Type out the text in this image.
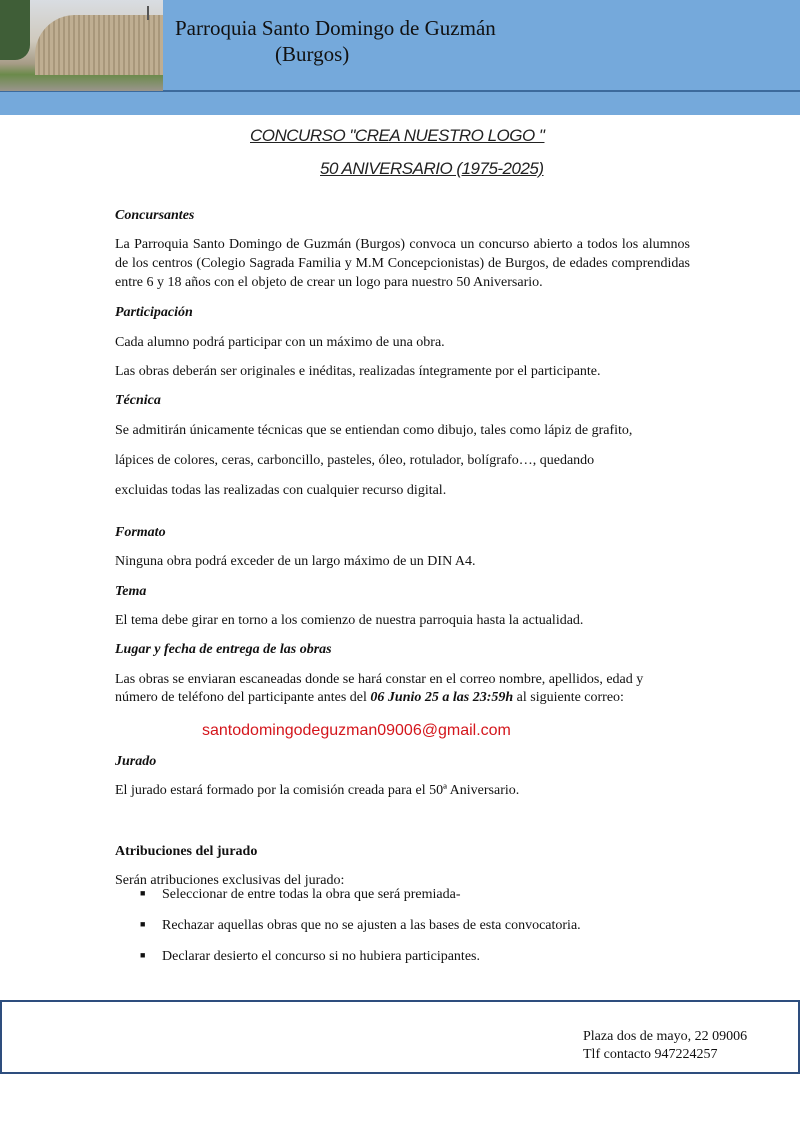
Parroquia Santo Domingo de Guzmán
(Burgos)
CONCURSO "CREA NUESTRO LOGO "
50 ANIVERSARIO (1975-2025)
Concursantes
La Parroquia Santo Domingo de Guzmán (Burgos) convoca un concurso abierto a todos los alumnos de los centros (Colegio Sagrada Familia y M.M Concepcionistas) de Burgos, de edades comprendidas entre 6 y 18 años con el objeto de crear un logo para nuestro 50 Aniversario.
Participación
Cada alumno podrá participar con un máximo de una obra.
Las obras deberán ser originales e inéditas, realizadas íntegramente por el participante.
Técnica
Se admitirán únicamente técnicas que se entiendan como dibujo, tales como lápiz de grafito,
lápices de colores, ceras, carboncillo, pasteles, óleo, rotulador, bolígrafo…, quedando
excluidas todas las realizadas con cualquier recurso digital.
Formato
Ninguna obra podrá exceder de un largo máximo de un DIN A4.
Tema
El tema debe girar en torno a los comienzo de nuestra parroquia hasta la actualidad.
Lugar y fecha de entrega de las obras
Las obras se enviaran escaneadas donde se hará constar en el correo nombre, apellidos, edad y
número de teléfono del participante antes del 06 Junio 25 a las 23:59h al siguiente correo:
santodomingodeguzman09006@gmail.com
Jurado
El jurado estará formado por la comisión creada para el 50ª Aniversario.
Atribuciones del jurado
Serán atribuciones exclusivas del jurado:
■ Seleccionar de entre todas la obra que será premiada-
■ Rechazar aquellas obras que no se ajusten a las bases de esta convocatoria.
■ Declarar desierto el concurso si no hubiera participantes.
Plaza dos de mayo, 22 09006
Tlf contacto 947224257
